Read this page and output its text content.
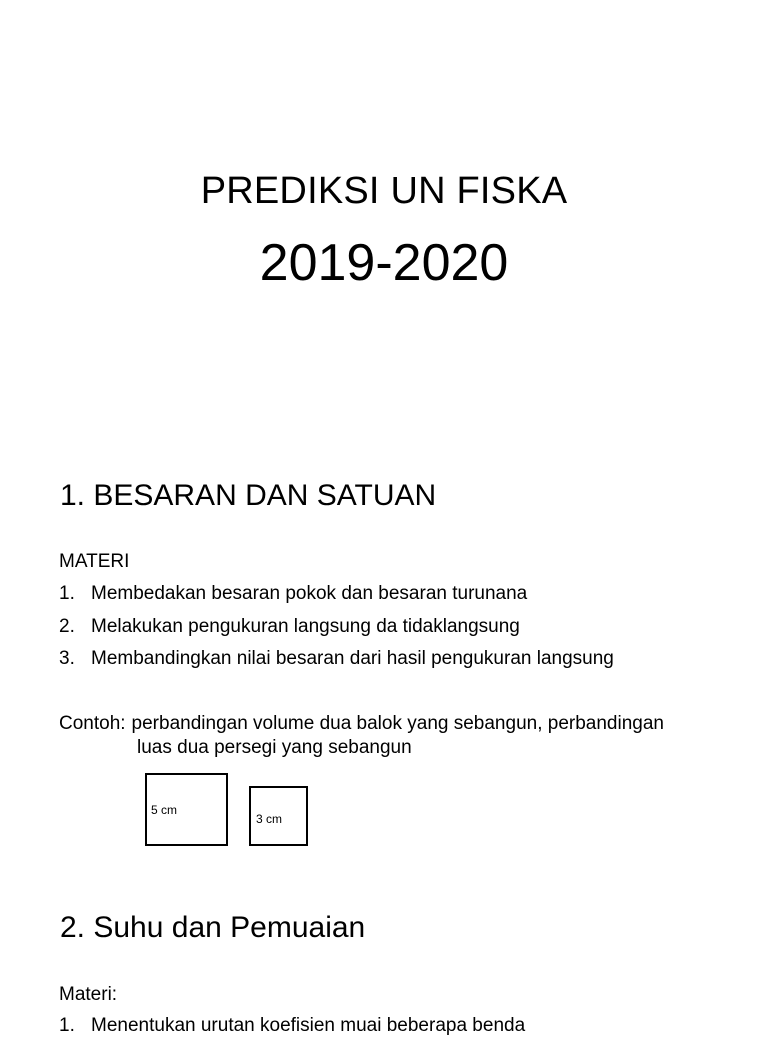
PREDIKSI UN FISKA
2019-2020
1. BESARAN DAN SATUAN
MATERI
1. Membedakan besaran pokok dan besaran turunana
2. Melakukan pengukuran langsung da tidaklangsung
3. Membandingkan nilai besaran dari hasil pengukuran langsung
Contoh: perbandingan volume dua balok yang sebangun, perbandingan
luas dua persegi yang sebangun
5 cm
3 cm
2. Suhu dan Pemuaian
Materi:
1. Menentukan urutan koefisien muai beberapa benda
